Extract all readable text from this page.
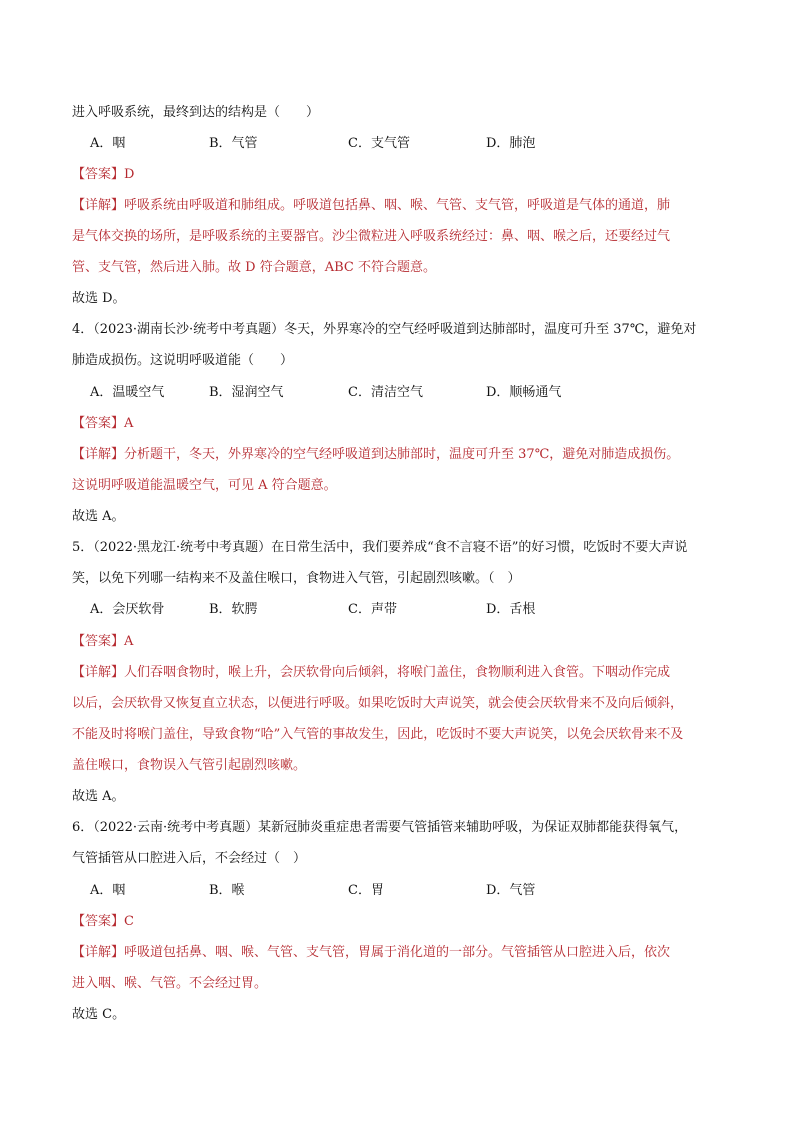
进入呼吸系统，最终到达的结构是（　　）
A．咽	B．气管	C．支气管	D．肺泡
【答案】D
【详解】呼吸系统由呼吸道和肺组成。呼吸道包括鼻、咽、喉、气管、支气管，呼吸道是气体的通道，肺
是气体交换的场所，是呼吸系统的主要器官。沙尘微粒进入呼吸系统经过：鼻、咽、喉之后，还要经过气
管、支气管，然后进入肺。故 D 符合题意，ABC 不符合题意。
故选 D。
4．（2023·湖南长沙·统考中考真题）冬天，外界寒冷的空气经呼吸道到达肺部时，温度可升至 37℃，避免对
肺造成损伤。这说明呼吸道能（　　）
A．温暖空气	B．湿润空气	C．清洁空气	D．顺畅通气
【答案】A
【详解】分析题干，冬天，外界寒冷的空气经呼吸道到达肺部时，温度可升至 37℃，避免对肺造成损伤。
这说明呼吸道能温暖空气，可见 A 符合题意。
故选 A。
5．（2022·黑龙江·统考中考真题）在日常生活中，我们要养成“食不言寝不语”的好习惯，吃饭时不要大声说
笑，以免下列哪一结构来不及盖住喉口，食物进入气管，引起剧烈咳嗽。（　）
A．会厌软骨	B．软腭	C．声带	D．舌根
【答案】A
【详解】人们吞咽食物时，喉上升，会厌软骨向后倾斜，将喉门盖住，食物顺利进入食管。下咽动作完成
以后，会厌软骨又恢复直立状态，以便进行呼吸。如果吃饭时大声说笑，就会使会厌软骨来不及向后倾斜，
不能及时将喉门盖住，导致食物“哈”入气管的事故发生，因此，吃饭时不要大声说笑，以免会厌软骨来不及
盖住喉口，食物误入气管引起剧烈咳嗽。
故选 A。
6．（2022·云南·统考中考真题）某新冠肺炎重症患者需要气管插管来辅助呼吸，为保证双肺都能获得氧气，
气管插管从口腔进入后，不会经过（　）
A．咽	B．喉	C．胃	D．气管
【答案】C
【详解】呼吸道包括鼻、咽、喉、气管、支气管，胃属于消化道的一部分。气管插管从口腔进入后，依次
进入咽、喉、气管。不会经过胃。
故选 C。
